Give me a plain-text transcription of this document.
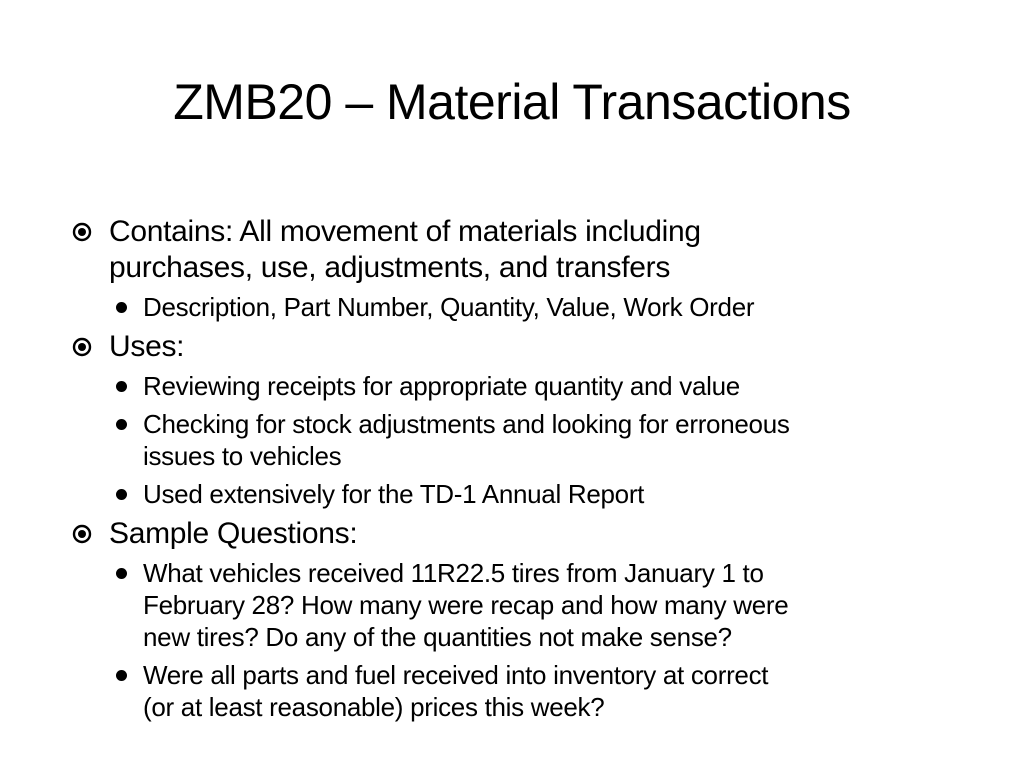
ZMB20 – Material Transactions
Contains: All movement of materials including
purchases, use, adjustments, and transfers
Description, Part Number, Quantity, Value, Work Order
Uses:
Reviewing receipts for appropriate quantity and value
Checking for stock adjustments and looking for erroneous
issues to vehicles
Used extensively for the TD-1 Annual Report
Sample Questions:
What vehicles received 11R22.5 tires from January 1 to
February 28? How many were recap and how many were
new tires? Do any of the quantities not make sense?
Were all parts and fuel received into inventory at correct
(or at least reasonable) prices this week?
